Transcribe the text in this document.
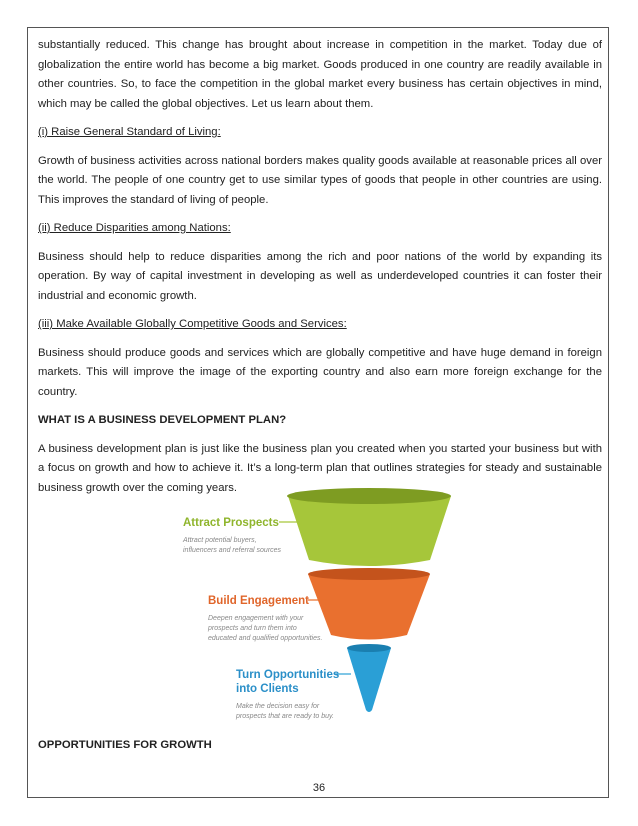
substantially reduced. This change has brought about increase in competition in the market. Today due of globalization the entire world has become a big market. Goods produced in one country are readily available in other countries. So, to face the competition in the global market every business has certain objectives in mind, which may be called the global objectives. Let us learn about them.

(i) Raise General Standard of Living:

Growth of business activities across national borders makes quality goods available at reasonable prices all over the world. The people of one country get to use similar types of goods that people in other countries are using. This improves the standard of living of people.

(ii) Reduce Disparities among Nations:

Business should help to reduce disparities among the rich and poor nations of the world by expanding its operation. By way of capital investment in developing as well as underdeveloped countries it can foster their industrial and economic growth.

(iii) Make Available Globally Competitive Goods and Services:

Business should produce goods and services which are globally competitive and have huge demand in foreign markets. This will improve the image of the exporting country and also earn more foreign exchange for the country.

WHAT IS A BUSINESS DEVELOPMENT PLAN?

A business development plan is just like the business plan you created when you started your business but with a focus on growth and how to achieve it. It’s a long-term plan that outlines strategies for steady and sustainable business growth over the coming years.

Attract Prospects
Attract potential buyers,
influencers and referral sources
Build Engagement
Deepen engagement with your
prospects and turn them into
educated and qualified opportunities.
Turn Opportunities
into Clients
Make the decision easy for
prospects that are ready to buy.
OPPORTUNITIES FOR GROWTH
36
